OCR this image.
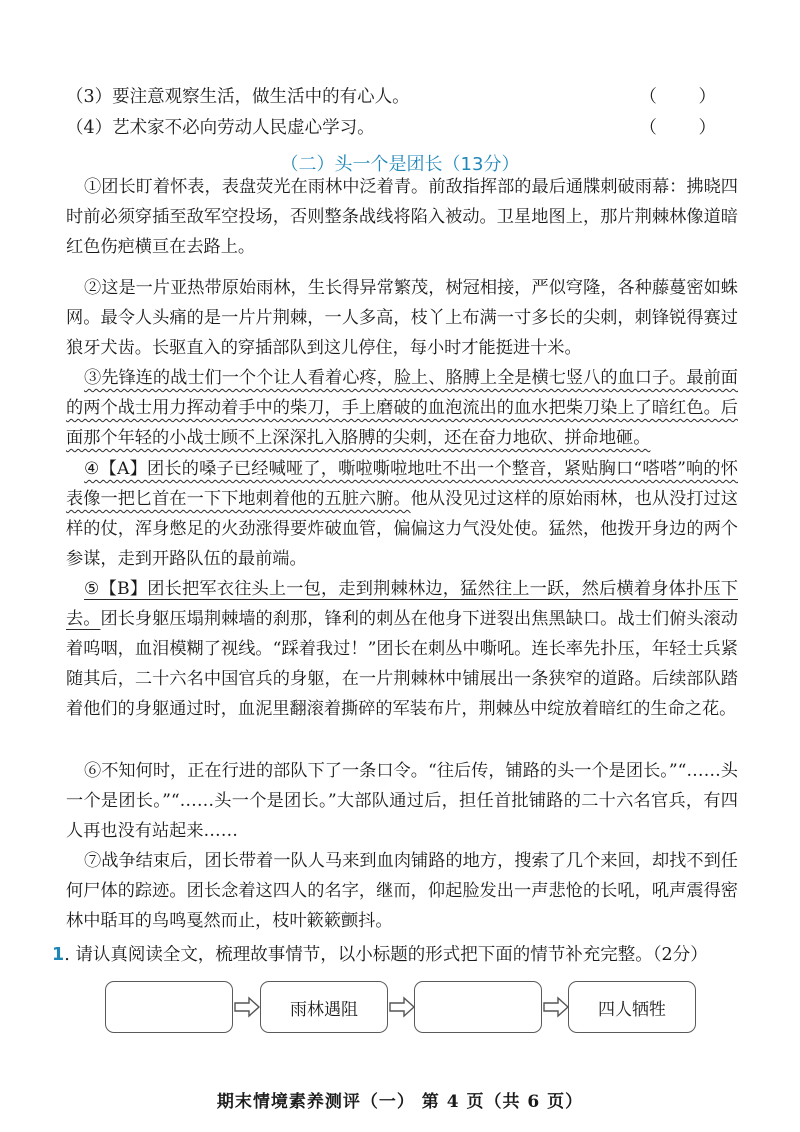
（3）要注意观察生活，做生活中的有心人。	（ ）
（4）艺术家不必向劳动人民虚心学习。	（ ）
（二）头一个是团长（13分）

①团长盯着怀表，表盘荧光在雨林中泛着青。前敌指挥部的最后通牒刺破雨幕：拂晓四时前必须穿插至敌军空投场，否则整条战线将陷入被动。卫星地图上，那片荆棘林像道暗红色伤疤横亘在去路上。

②这是一片亚热带原始雨林，生长得异常繁茂，树冠相接，严似穹隆，各种藤蔓密如蛛网。最令人头痛的是一片片荆棘，一人多高，枝丫上布满一寸多长的尖刺，刺锋锐得赛过狼牙犬齿。长驱直入的穿插部队到这儿停住，每小时才能挺进十米。

③先锋连的战士们一个个让人看着心疼，脸上、胳膊上全是横七竖八的血口子。最前面的两个战士用力挥动着手中的柴刀，手上磨破的血泡流出的血水把柴刀染上了暗红色。后面那个年轻的小战士顾不上深深扎入胳膊的尖刺，还在奋力地砍、拼命地砸。

④【A】团长的嗓子已经喊哑了，嘶啦嘶啦地吐不出一个整音，紧贴胸口“嗒嗒”响的怀表像一把匕首在一下下地刺着他的五脏六腑。他从没见过这样的原始雨林，也从没打过这样的仗，浑身憋足的火劲涨得要炸破血管，偏偏这力气没处使。猛然，他拨开身边的两个参谋，走到开路队伍的最前端。

⑤【B】团长把军衣往头上一包，走到荆棘林边，猛然往上一跃，然后横着身体扑压下去。团长身躯压塌荆棘墙的刹那，锋利的刺丛在他身下迸裂出焦黑缺口。战士们俯头滚动着呜咽，血泪模糊了视线。“踩着我过！”团长在刺丛中嘶吼。连长率先扑压，年轻士兵紧随其后，二十六名中国官兵的身躯，在一片荆棘林中铺展出一条狭窄的道路。后续部队踏着他们的身躯通过时，血泥里翻滚着撕碎的军装布片，荆棘丛中绽放着暗红的生命之花。

⑥不知何时，正在行进的部队下了一条口令。“往后传，铺路的头一个是团长。”“……头一个是团长。”“……头一个是团长。”大部队通过后，担任首批铺路的二十六名官兵，有四人再也没有站起来……

⑦战争结束后，团长带着一队人马来到血肉铺路的地方，搜索了几个来回，却找不到任何尸体的踪迹。团长念着这四人的名字，继而，仰起脸发出一声悲怆的长吼，吼声震得密林中聒耳的鸟鸣戛然而止，枝叶簌簌颤抖。

1. 请认真阅读全文，梳理故事情节，以小标题的形式把下面的情节补充完整。（2分）
雨林遇阻	四人牺牲
期末情境素养测评（一） 第 4 页（共 6 页）
